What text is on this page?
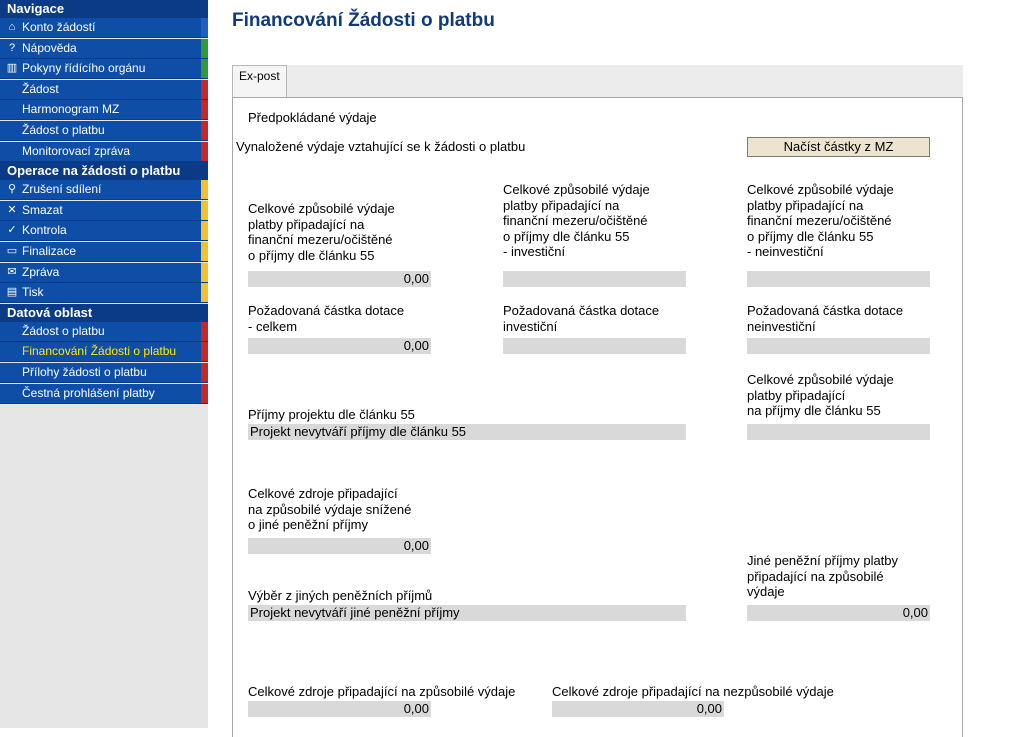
Navigace
⌂ Konto žádostí
? Nápověda
▥ Pokyny řídícího orgánu
Žádost
Harmonogram MZ
Žádost o platbu
Monitorovací zpráva
Operace na žádosti o platbu
⚲ Zrušení sdílení
✕ Smazat
✓ Kontrola
▭ Finalizace
✉ Zpráva
▤ Tisk
Datová oblast
Žádost o platbu
Financování Žádosti o platbu
Přílohy žádosti o platbu
Čestná prohlášení platby
Financování Žádosti o platbu
Ex-post
Předpokládané výdaje
Vynaložené výdaje vztahující se k žádosti o platbu	Načíst částky z MZ
Celkové způsobilé výdaje
platby připadající na
finanční mezeru/očištěné
o příjmy dle článku 55
0,00
Celkové způsobilé výdaje
platby připadající na
finanční mezeru/očištěné
o příjmy dle článku 55
- investiční
Celkové způsobilé výdaje
platby připadající na
finanční mezeru/očištěné
o příjmy dle článku 55
- neinvestiční
Požadovaná částka dotace
- celkem
0,00
Požadovaná částka dotace
investiční
Požadovaná částka dotace
neinvestiční
Příjmy projektu dle článku 55
Projekt nevytváří příjmy dle článku 55
Celkové způsobilé výdaje
platby připadající
na příjmy dle článku 55
Celkové zdroje připadající
na způsobilé výdaje snížené
o jiné peněžní příjmy
0,00
Jiné peněžní příjmy platby
připadající na způsobilé
výdaje
0,00
Výběr z jiných peněžních příjmů
Projekt nevytváří jiné peněžní příjmy
Celkové zdroje připadající na způsobilé výdaje
0,00
Celkové zdroje připadající na nezpůsobilé výdaje
0,00
